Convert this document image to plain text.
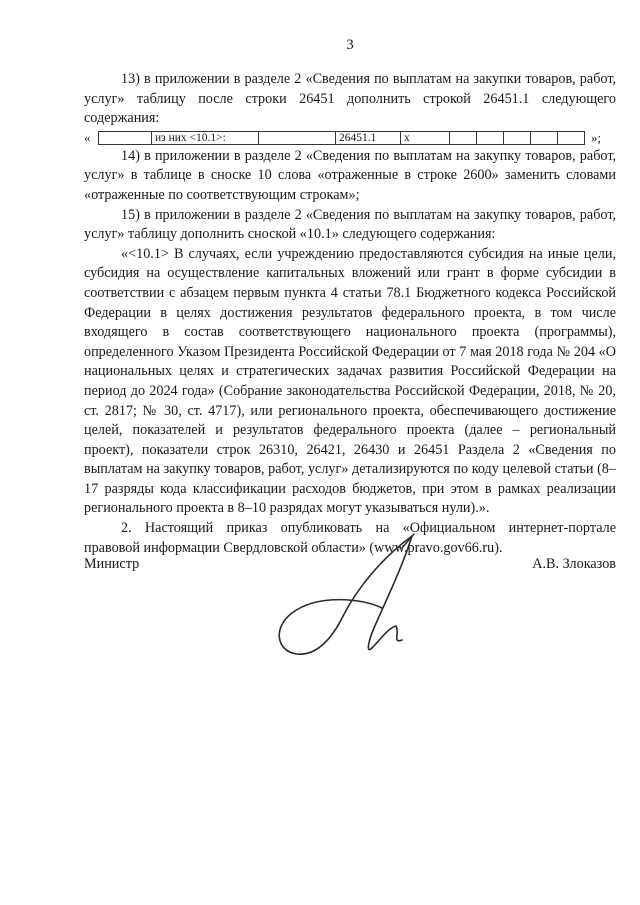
3

13) в приложении в разделе 2 «Сведения по выплатам на закупки товаров, работ, услуг» таблицу после строки 26451 дополнить строкой 26451.1 следующего содержания:

«
		из них <10.1>:		26451.1	x						»;

14) в приложении в разделе 2 «Сведения по выплатам на закупку товаров, работ, услуг» в таблице в сноске 10 слова «отраженные в строке 2600» заменить словами «отраженные по соответствующим строкам»;

15) в приложении в разделе 2 «Сведения по выплатам на закупку товаров, работ, услуг» таблицу дополнить сноской «10.1» следующего содержания:

«<10.1> В случаях, если учреждению предоставляются субсидия на иные цели, субсидия на осуществление капитальных вложений или грант в форме субсидии в соответствии с абзацем первым пункта 4 статьи 78.1 Бюджетного кодекса Российской Федерации в целях достижения результатов федерального проекта, в том числе входящего в состав соответствующего национального проекта (программы), определенного Указом Президента Российской Федерации от 7 мая 2018 года № 204 «О национальных целях и стратегических задачах развития Российской Федерации на период до 2024 года» (Собрание законодательства Российской Федерации, 2018, № 20, ст. 2817; № 30, ст. 4717), или регионального проекта, обеспечивающего достижение целей, показателей и результатов федерального проекта (далее – региональный проект), показатели строк 26310, 26421, 26430 и 26451 Раздела 2 «Сведения по выплатам на закупку товаров, работ, услуг» детализируются по коду целевой статьи (8–17 разряды кода классификации расходов бюджетов, при этом в рамках реализации регионального проекта в 8–10 разрядах могут указываться нули).».

2. Настоящий приказ опубликовать на «Официальном интернет-портале правовой информации Свердловской области» (www.pravo.gov66.ru).

Министр	А.В. Злоказов
